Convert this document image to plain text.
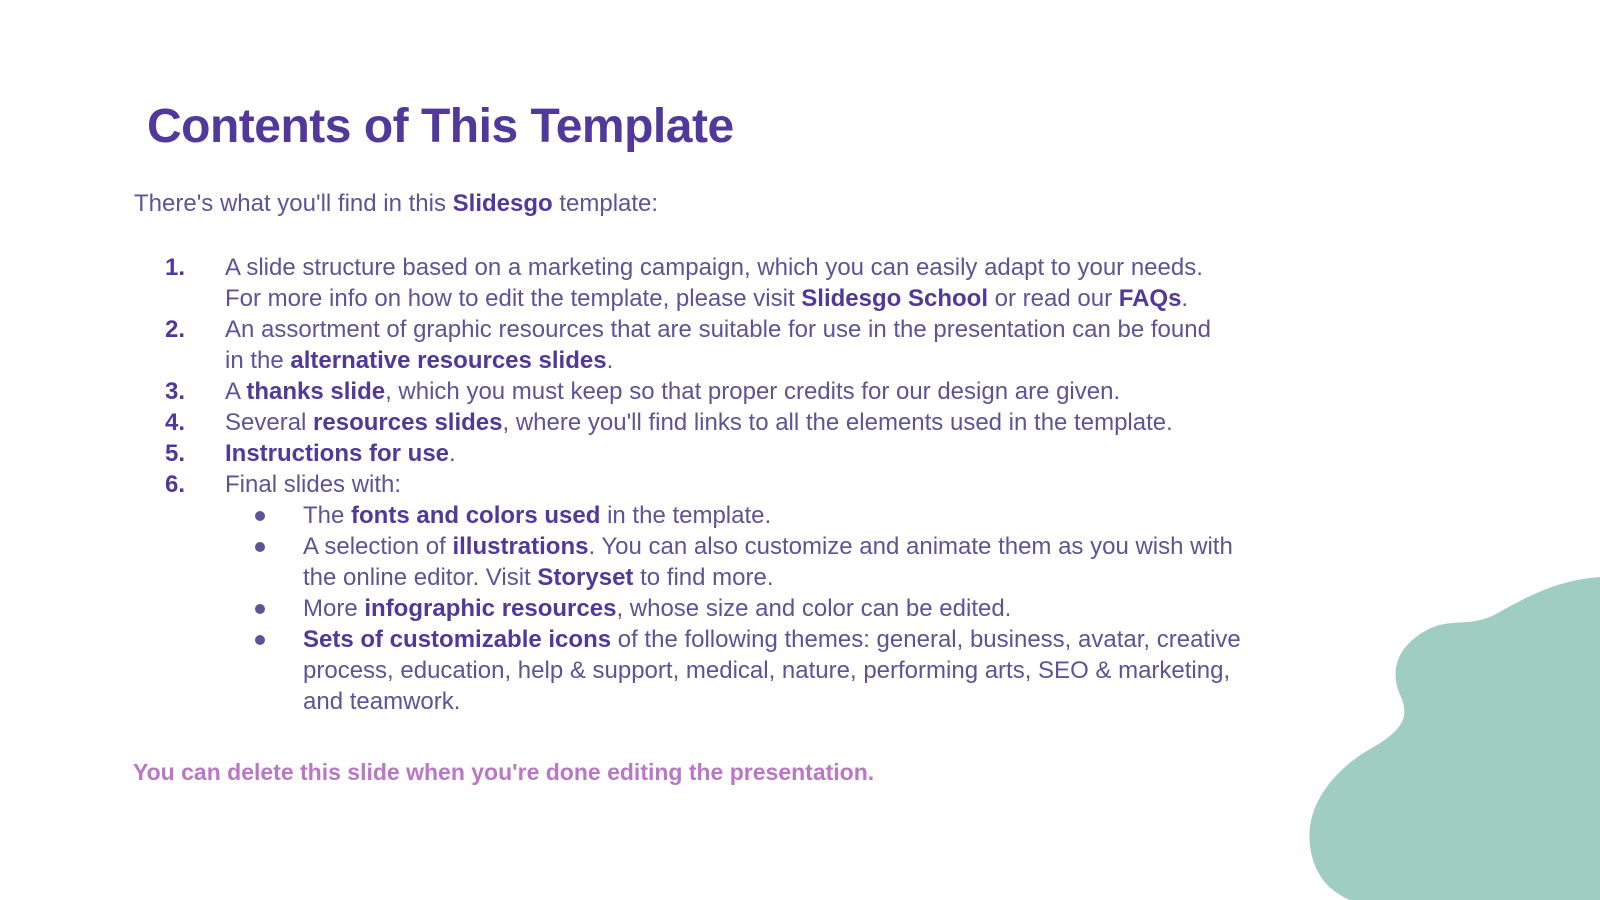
Contents of This Template

There's what you'll find in this Slidesgo template:

1.	A slide structure based on a marketing campaign, which you can easily adapt to your needs.
For more info on how to edit the template, please visit Slidesgo School or read our FAQs.
2.	An assortment of graphic resources that are suitable for use in the presentation can be found
in the alternative resources slides.
3.	A thanks slide, which you must keep so that proper credits for our design are given.
4.	Several resources slides, where you'll find links to all the elements used in the template.
5.	Instructions for use.
6.	Final slides with:
The fonts and colors used in the template.
A selection of illustrations. You can also customize and animate them as you wish with
the online editor. Visit Storyset to find more.
More infographic resources, whose size and color can be edited.
Sets of customizable icons of the following themes: general, business, avatar, creative
process, education, help & support, medical, nature, performing arts, SEO & marketing,
and teamwork.

You can delete this slide when you're done editing the presentation.
